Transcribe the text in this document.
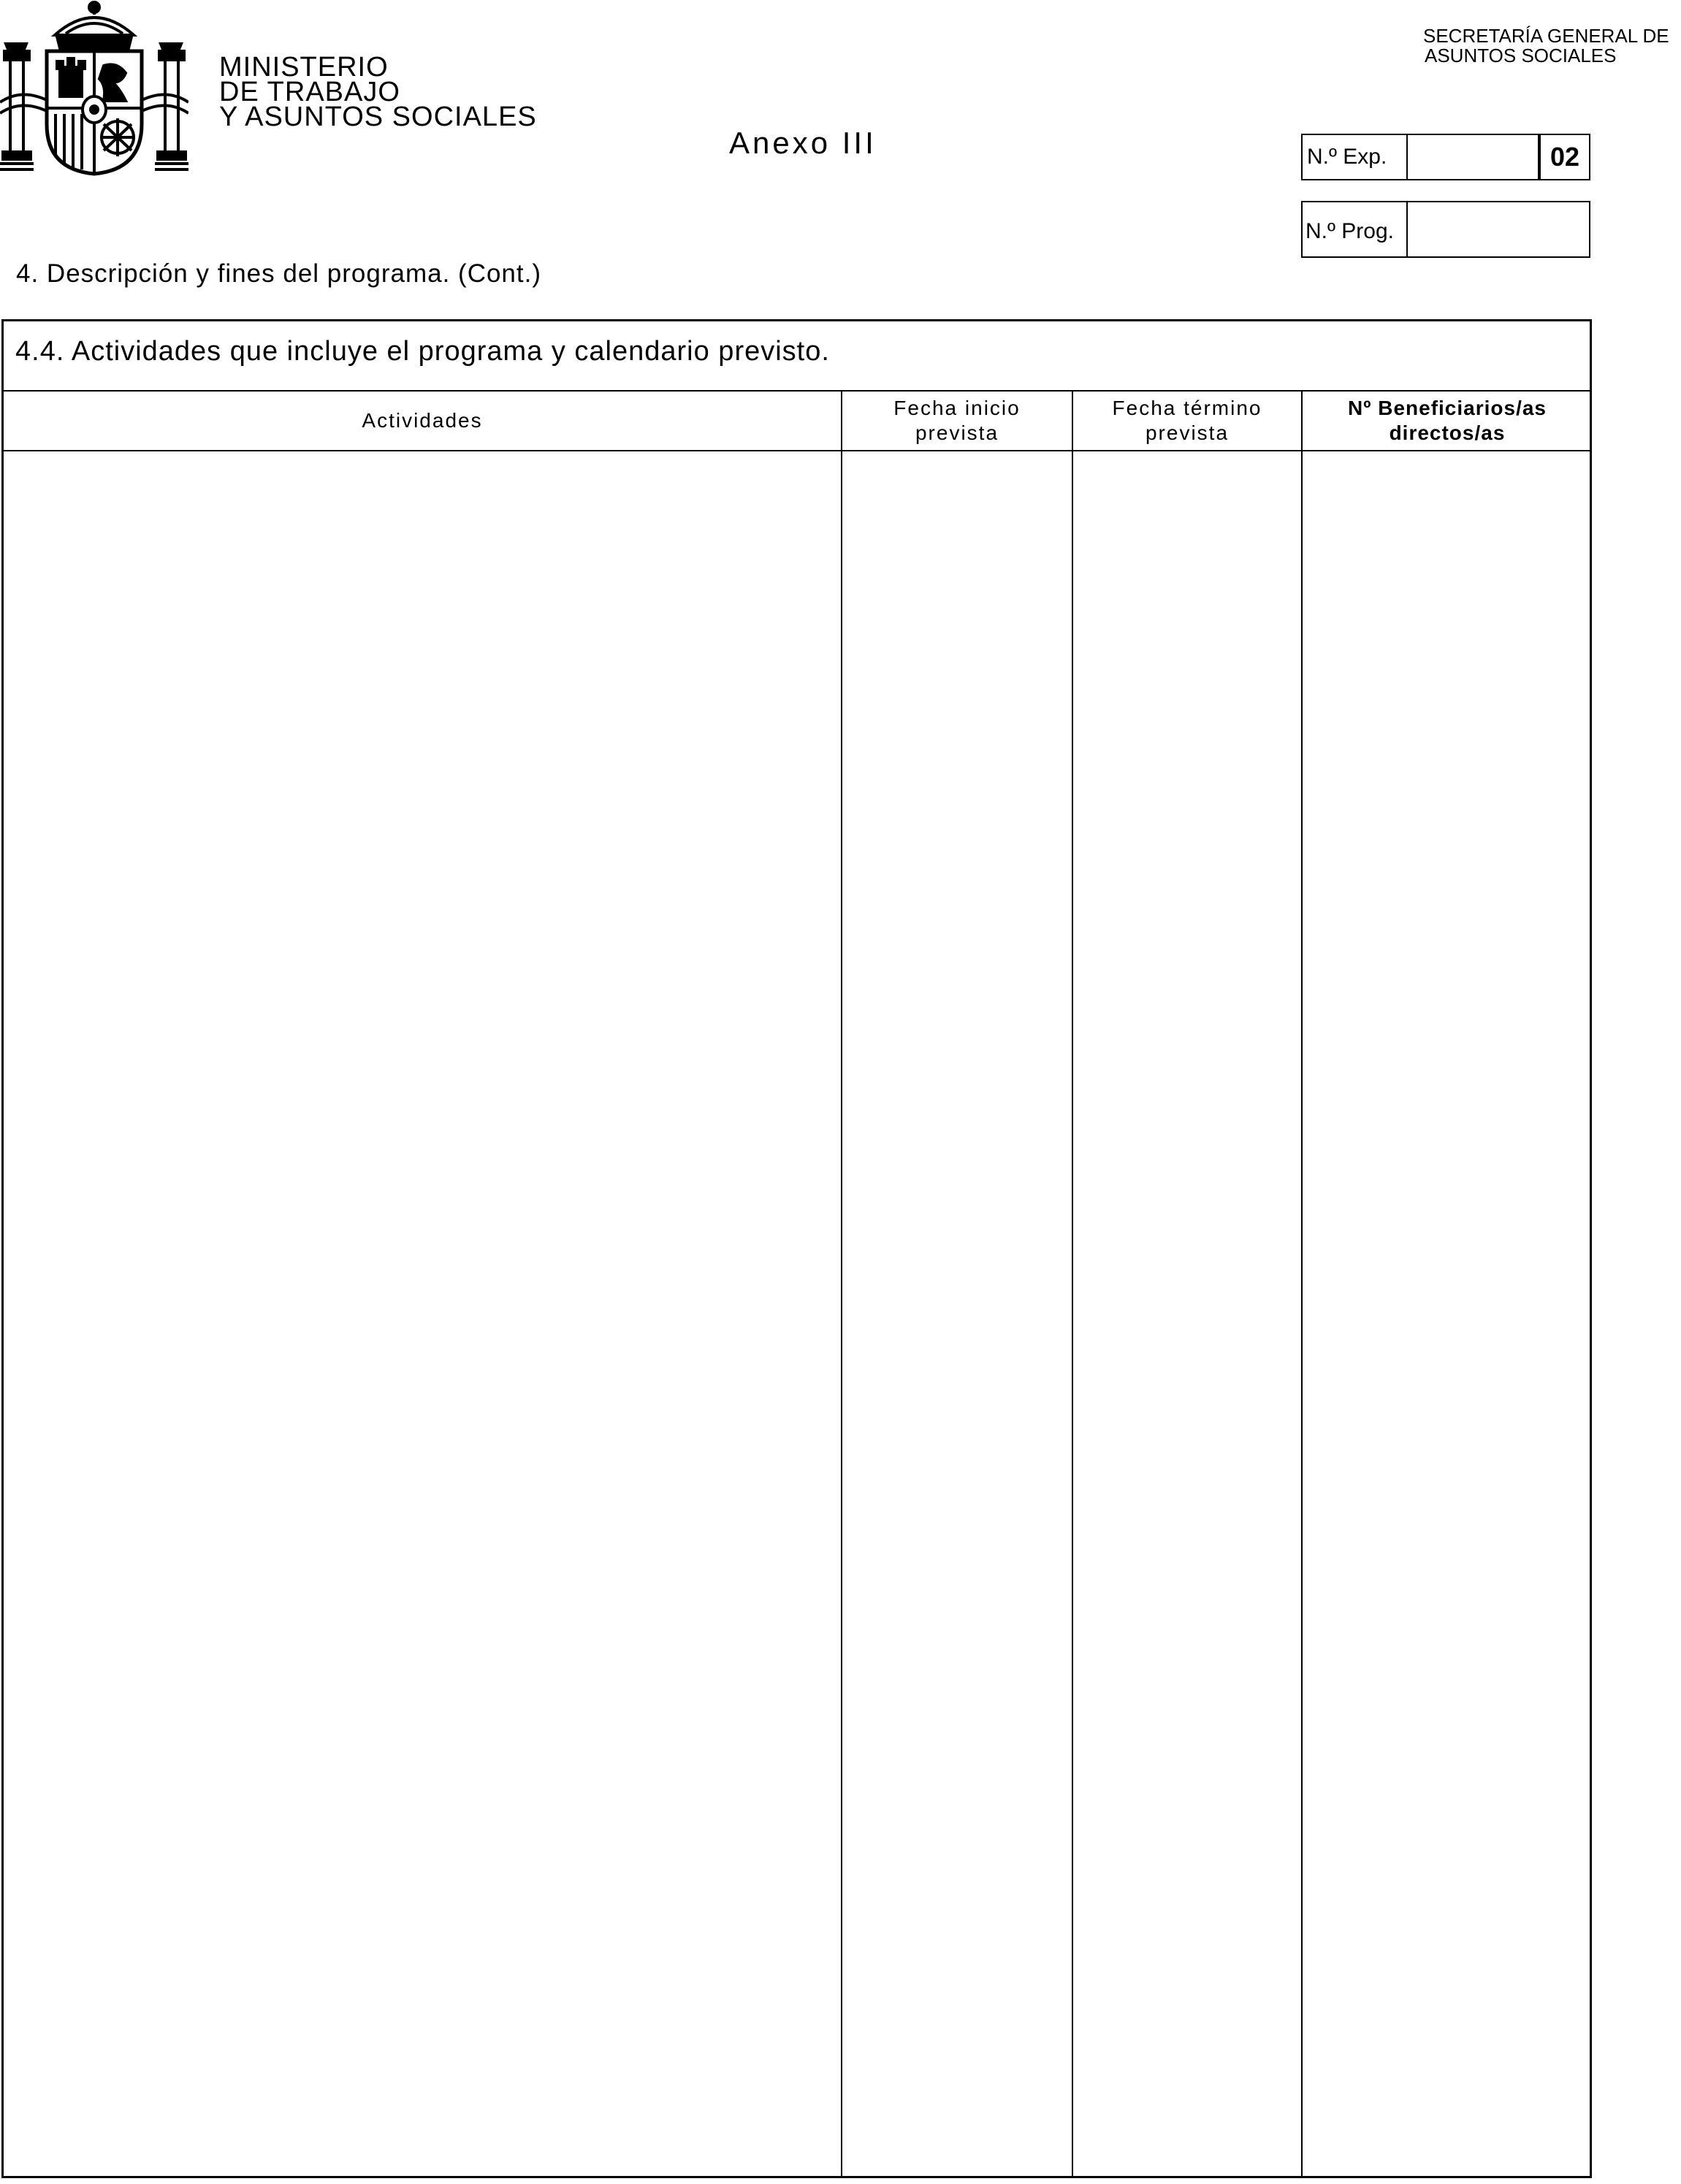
MINISTERIO
DE TRABAJO
Y ASUNTOS SOCIALES
Anexo III
SECRETARÍA GENERAL DE
ASUNTOS SOCIALES
N.º Exp.	02
N.º Prog.
4. Descripción y fines del programa. (Cont.)
4.4. Actividades que incluye el programa y calendario previsto.
Actividades
Fecha inicio
prevista
Fecha término
prevista
Nº Beneficiarios/as
directos/as
